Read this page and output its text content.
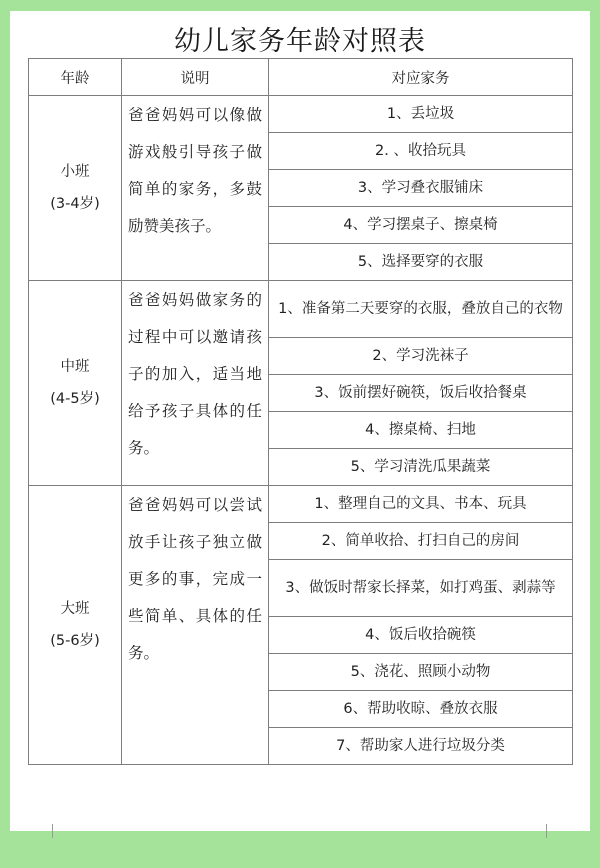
幼儿家务年龄对照表
年龄	说明	对应家务

小班
(3-4岁)	爸爸妈妈可以像做游戏般引导孩子做简单的家务，多鼓励赞美孩子。	1、丢垃圾
		2. 、收拾玩具
		3、学习叠衣服铺床
		4、学习摆桌子、擦桌椅
		5、选择要穿的衣服

中班
(4-5岁)	爸爸妈妈做家务的过程中可以邀请孩子的加入，适当地给予孩子具体的任务。	1、准备第二天要穿的衣服，叠放自己的衣物
		2、学习洗袜子
		3、饭前摆好碗筷，饭后收拾餐桌
		4、擦桌椅、扫地
		5、学习清洗瓜果蔬菜

大班
(5-6岁)	爸爸妈妈可以尝试放手让孩子独立做更多的事，完成一些简单、具体的任务。	1、整理自己的文具、书本、玩具
		2、简单收拾、打扫自己的房间
		3、做饭时帮家长择菜，如打鸡蛋、剥蒜等
		4、饭后收拾碗筷
		5、浇花、照顾小动物
		6、帮助收晾、叠放衣服
		7、帮助家人进行垃圾分类
